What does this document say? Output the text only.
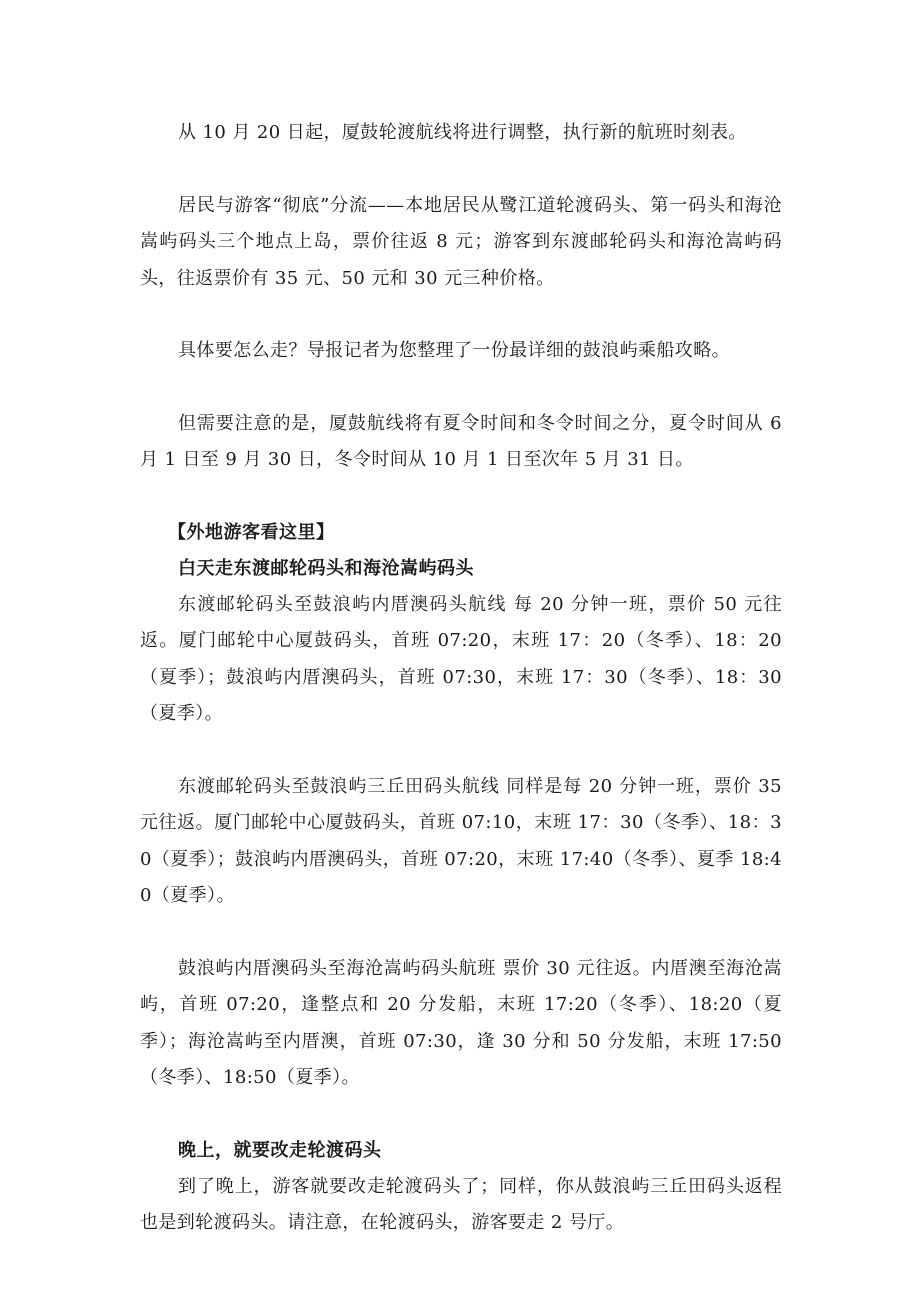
从 10 月 20 日起，厦鼓轮渡航线将进行调整，执行新的航班时刻表。

居民与游客“彻底”分流——本地居民从鹭江道轮渡码头、第一码头和海沧嵩屿码头三个地点上岛，票价往返 8 元；游客到东渡邮轮码头和海沧嵩屿码头，往返票价有 35 元、50 元和 30 元三种价格。

具体要怎么走？导报记者为您整理了一份最详细的鼓浪屿乘船攻略。

但需要注意的是，厦鼓航线将有夏令时间和冬令时间之分，夏令时间从 6 月 1 日至 9 月 30 日，冬令时间从 10 月 1 日至次年 5 月 31 日。

【外地游客看这里】

白天走东渡邮轮码头和海沧嵩屿码头

东渡邮轮码头至鼓浪屿内厝澳码头航线 每 20 分钟一班，票价 50 元往返。厦门邮轮中心厦鼓码头，首班 07:20，末班 17：20（冬季）、18：20（夏季）；鼓浪屿内厝澳码头，首班 07:30，末班 17：30（冬季）、18：30（夏季）。

东渡邮轮码头至鼓浪屿三丘田码头航线 同样是每 20 分钟一班，票价 35 元往返。厦门邮轮中心厦鼓码头，首班 07:10，末班 17：30（冬季）、18：30（夏季）；鼓浪屿内厝澳码头，首班 07:20，末班 17:40（冬季）、夏季 18:40（夏季）。

鼓浪屿内厝澳码头至海沧嵩屿码头航班 票价 30 元往返。内厝澳至海沧嵩屿，首班 07:20，逢整点和 20 分发船，末班 17:20（冬季）、18:20（夏季）；海沧嵩屿至内厝澳，首班 07:30，逢 30 分和 50 分发船，末班 17:50（冬季）、18:50（夏季）。

晚上，就要改走轮渡码头

到了晚上，游客就要改走轮渡码头了；同样，你从鼓浪屿三丘田码头返程也是到轮渡码头。请注意，在轮渡码头，游客要走 2 号厅。
